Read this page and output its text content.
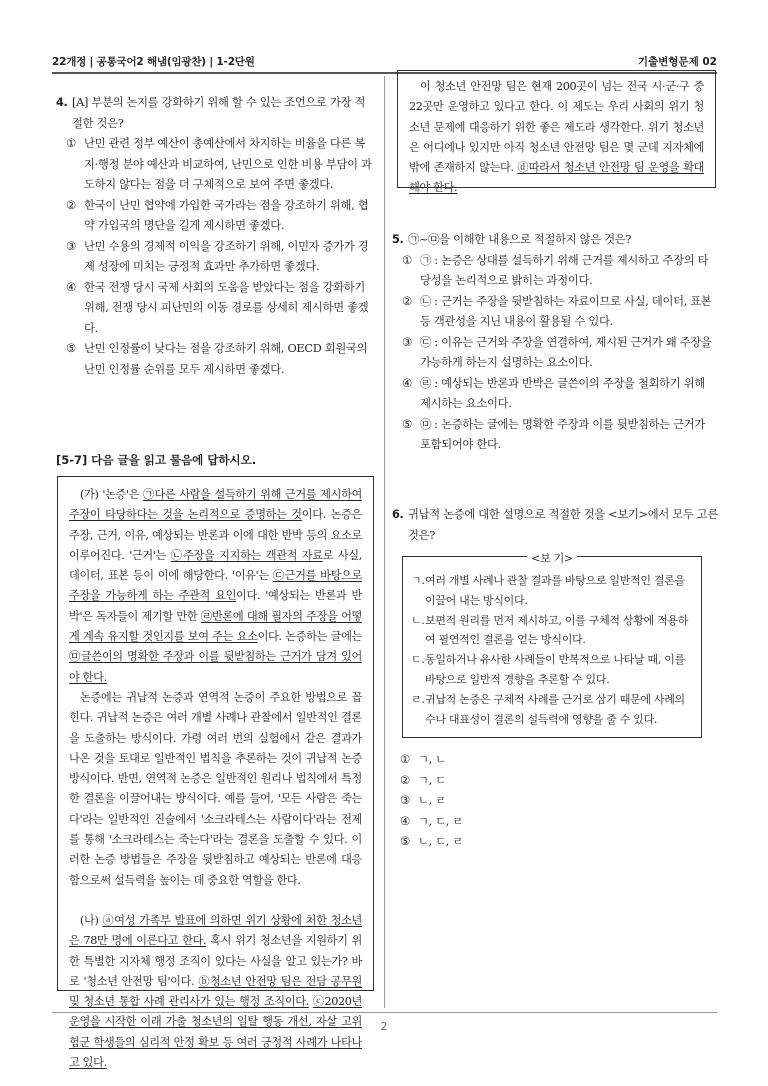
22개정 | 공통국어2 해냄(임광찬) | 1-2단원	기출변형문제 02
4. [A] 부분의 논지를 강화하기 위해 할 수 있는 조언으로 가장 적절한 것은?
① 난민 관련 정부 예산이 총예산에서 차지하는 비율을 다른 복지·행정 분야 예산과 비교하여, 난민으로 인한 비용 부담이 과도하지 않다는 점을 더 구체적으로 보여 주면 좋겠다.
② 한국이 난민 협약에 가입한 국가라는 점을 강조하기 위해, 협약 가입국의 명단을 길게 제시하면 좋겠다.
③ 난민 수용의 경제적 이익을 강조하기 위해, 이민자 증가가 경제 성장에 미치는 긍정적 효과만 추가하면 좋겠다.
④ 한국 전쟁 당시 국제 사회의 도움을 받았다는 점을 강화하기 위해, 전쟁 당시 피난민의 이동 경로를 상세히 제시하면 좋겠다.
⑤ 난민 인정률이 낮다는 점을 강조하기 위해, OECD 회원국의 난민 인정률 순위를 모두 제시하면 좋겠다.
[5-7] 다음 글을 읽고 물음에 답하시오.

(가) '논증'은 ㉠다른 사람을 설득하기 위해 근거를 제시하여 주장이 타당하다는 것을 논리적으로 증명하는 것이다. 논증은 주장, 근거, 이유, 예상되는 반론과 이에 대한 반박 등의 요소로 이루어진다. '근거'는 ㉡주장을 지지하는 객관적 자료로 사실, 데이터, 표본 등이 이에 해당한다. '이유'는 ㉢근거를 바탕으로 주장을 가능하게 하는 주관적 요인이다. '예상되는 반론과 반박'은 독자들이 제기할 만한 ㉣반론에 대해 필자의 주장을 어떻게 계속 유지할 것인지를 보여 주는 요소이다. 논증하는 글에는 ㉤글쓴이의 명확한 주장과 이를 뒷받침하는 근거가 담겨 있어야 한다.

논증에는 귀납적 논증과 연역적 논증이 주요한 방법으로 꼽힌다. 귀납적 논증은 여러 개별 사례나 관찰에서 일반적인 결론을 도출하는 방식이다. 가령 여러 번의 실험에서 같은 결과가 나온 것을 토대로 일반적인 법칙을 추론하는 것이 귀납적 논증 방식이다. 반면, 연역적 논증은 일반적인 원리나 법칙에서 특정한 결론을 이끌어내는 방식이다. 예를 들어, '모든 사람은 죽는다'라는 일반적인 진술에서 '소크라테스는 사람이다'라는 전제를 통해 '소크라테스는 죽는다'라는 결론을 도출할 수 있다. 이러한 논증 방법들은 주장을 뒷받침하고 예상되는 반론에 대응함으로써 설득력을 높이는 데 중요한 역할을 한다.

(나) ⓐ여성 가족부 발표에 의하면 위기 상황에 처한 청소년은 78만 명에 이른다고 한다. 혹시 위기 청소년을 지원하기 위한 특별한 지자체 행정 조직이 있다는 사실을 알고 있는가? 바로 '청소년 안전망 팀'이다. ⓑ청소년 안전망 팀은 전담 공무원 및 청소년 통합 사례 관리사가 있는 행정 조직이다. ⓒ2020년 운영을 시작한 이래 가출 청소년의 일탈 행동 개선, 자살 고위험군 학생들의 심리적 안정 확보 등 여러 긍정적 사례가 나타나고 있다.

이 청소년 안전망 팀은 현재 200곳이 넘는 전국 시·군·구 중 22곳만 운영하고 있다고 한다. 이 제도는 우리 사회의 위기 청소년 문제에 대응하기 위한 좋은 제도라 생각한다. 위기 청소년은 어디에나 있지만 아직 청소년 안전망 팀은 몇 군데 지자체에밖에 존재하지 않는다. ⓓ따라서 청소년 안전망 팀 운영을 확대해야 한다.

5. ㉠~㉤을 이해한 내용으로 적절하지 않은 것은?
① ㉠ : 논증은 상대를 설득하기 위해 근거를 제시하고 주장의 타당성을 논리적으로 밝히는 과정이다.
② ㉡ : 근거는 주장을 뒷받침하는 자료이므로 사실, 데이터, 표본 등 객관성을 지닌 내용이 활용될 수 있다.
③ ㉢ : 이유는 근거와 주장을 연결하여, 제시된 근거가 왜 주장을 가능하게 하는지 설명하는 요소이다.
④ ㉣ : 예상되는 반론과 반박은 글쓴이의 주장을 철회하기 위해 제시하는 요소이다.
⑤ ㉤ : 논증하는 글에는 명확한 주장과 이를 뒷받침하는 근거가 포함되어야 한다.
6. 귀납적 논증에 대한 설명으로 적절한 것을 <보기>에서 모두 고른 것은?
<보 기>
ㄱ. 여러 개별 사례나 관찰 결과를 바탕으로 일반적인 결론을 이끌어 내는 방식이다.
ㄴ. 보편적 원리를 먼저 제시하고, 이를 구체적 상황에 적용하여 필연적인 결론을 얻는 방식이다.
ㄷ. 동일하거나 유사한 사례들이 반복적으로 나타날 때, 이를 바탕으로 일반적 경향을 추론할 수 있다.
ㄹ. 귀납적 논증은 구체적 사례를 근거로 삼기 때문에 사례의 수나 대표성이 결론의 설득력에 영향을 줄 수 있다.
① ㄱ, ㄴ
② ㄱ, ㄷ
③ ㄴ, ㄹ
④ ㄱ, ㄷ, ㄹ
⑤ ㄴ, ㄷ, ㄹ
2
